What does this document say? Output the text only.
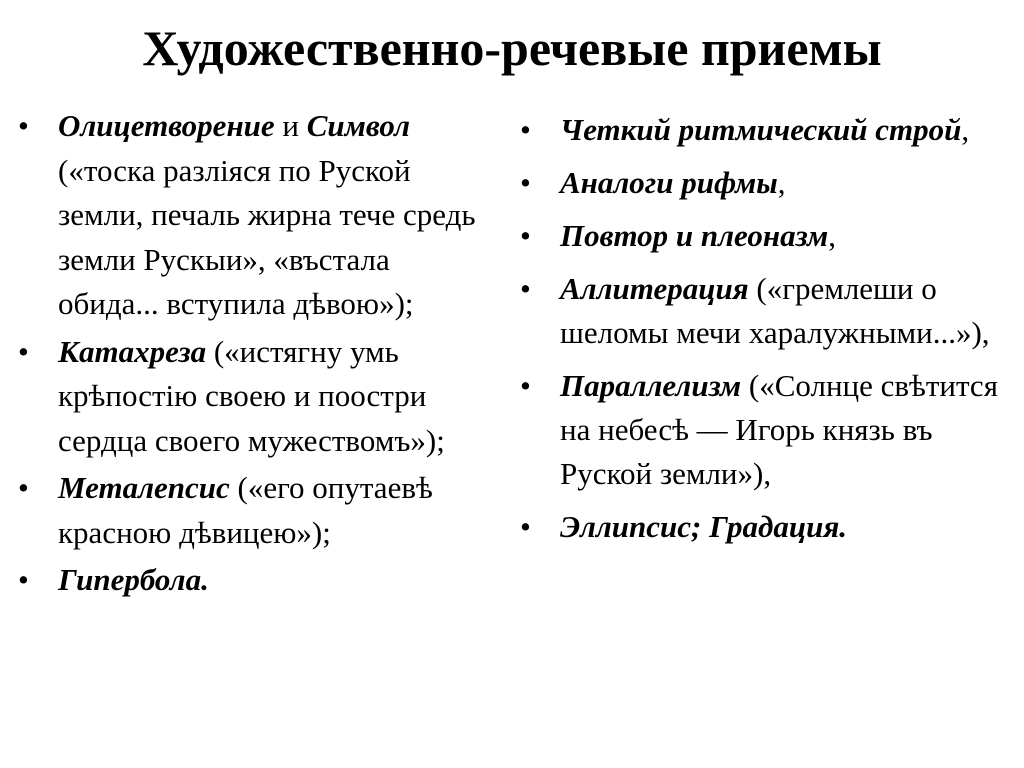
Художественно-речевые приемы
• Олицетворение и Символ («тоска разліяся по Руской земли, печаль жирна тече средь земли Рускыи», «въстала обида... вступила дѣвою»);
• Катахреза («истягну умь крѣпостію своею и поостри сердца своего мужествомъ»);
• Металепсис («его опутаевѣ красною дѣвицею»);
• Гипербола.
• Четкий ритмический строй,
• Аналоги рифмы,
• Повтор и плеоназм,
• Аллитерация («гремлеши о шеломы мечи харалужными...»),
• Параллелизм («Солнце свѣтится на небесѣ — Игорь князь въ Руской земли»),
• Эллипсис; Градация.
